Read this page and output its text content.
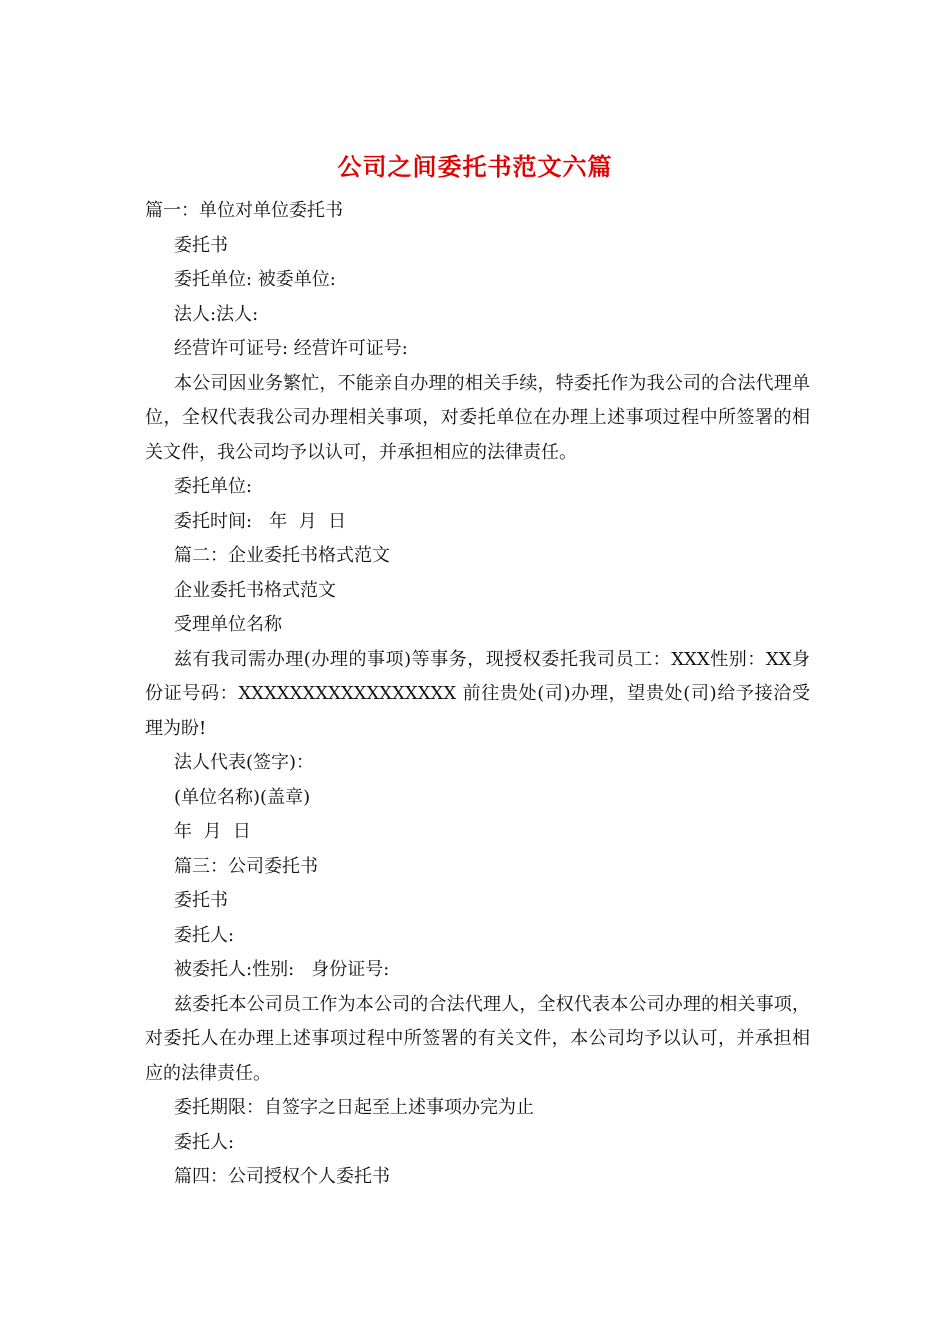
公司之间委托书范文六篇

篇一：单位对单位委托书

委托书

委托单位: 被委单位:

法人:法人:

经营许可证号: 经营许可证号:

本公司因业务繁忙，不能亲自办理的相关手续，特委托作为我公司的合法代理单位，全权代表我公司办理相关事项，对委托单位在办理上述事项过程中所签署的相关文件，我公司均予以认可，并承担相应的法律责任。

委托单位:

委托时间:   年  月  日

篇二：企业委托书格式范文

企业委托书格式范文

受理单位名称

兹有我司需办理(办理的事项)等事务，现授权委托我司员工：XXX性别：XX身份证号码：XXXXXXXXXXXXXXXXX 前往贵处(司)办理，望贵处(司)给予接洽受理为盼!

法人代表(签字)：

(单位名称)(盖章)

年  月  日

篇三：公司委托书

委托书

委托人:

被委托人:性别:   身份证号:

兹委托本公司员工作为本公司的合法代理人，全权代表本公司办理的相关事项，对委托人在办理上述事项过程中所签署的有关文件，本公司均予以认可，并承担相应的法律责任。

委托期限：自签字之日起至上述事项办完为止

委托人:

篇四：公司授权个人委托书
